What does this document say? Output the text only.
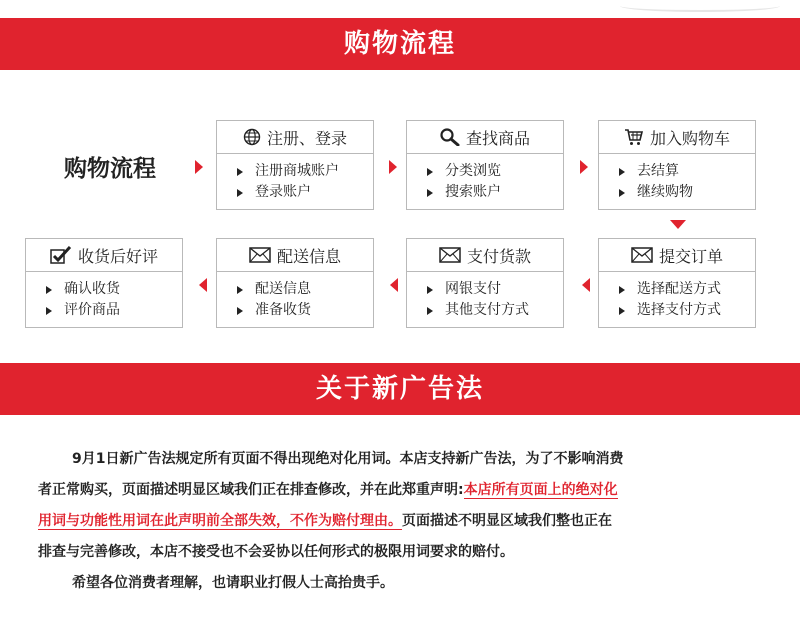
购物流程
购物流程
注册、登录
注册商城账户
登录账户
查找商品
分类浏览
搜索账户
加入购物车
去结算
继续购物
收货后好评
确认收货
评价商品
配送信息
配送信息
准备收货
支付货款
网银支付
其他支付方式
提交订单
选择配送方式
选择支付方式
关于新广告法
9月1日新广告法规定所有页面不得出现绝对化用词。本店支持新广告法，为了不影响消费
者正常购买，页面描述明显区域我们正在排查修改，并在此郑重声明:本店所有页面上的绝对化
用词与功能性用词在此声明前全部失效，不作为赔付理由。页面描述不明显区域我们整也正在
排查与完善修改，本店不接受也不会妥协以任何形式的极限用词要求的赔付。
希望各位消费者理解，也请职业打假人士高抬贵手。
